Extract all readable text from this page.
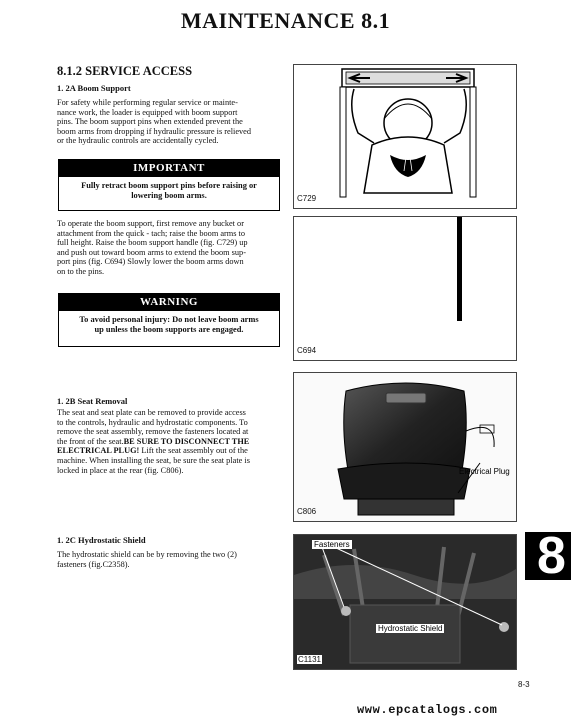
MAINTENANCE 8.1
8.1.2 SERVICE ACCESS
1. 2A Boom Support
For safety while performing regular service or mainte-
nance work, the loader is equipped with boom support
pins. The boom support pins when extended prevent the
boom arms from dropping if hydraulic pressure is relieved
or the hydraulic controls are accidentally cycled.
IMPORTANT
Fully retract boom support pins before raising or
lowering boom arms.
To operate the boom support, first remove any bucket or
attachment from the quick - tach; raise the boom arms to
full height. Raise the boom support handle (fig. C729) up
and push out toward boom arms to extend the boom sup-
port pins (fig. C694) Slowly lower the boom arms down
on to the pins.
WARNING
To avoid personal injury: Do not leave boom arms
up unless the boom supports are engaged.
C729
C694
1. 2B Seat Removal
The seat and seat plate can be removed to provide access
to the controls, hydraulic and hydrostatic components. To
remove the seat assembly, remove the fasteners located at
the front of the seat.BE SURE TO DISCONNECT THE
ELECTRICAL PLUG! Lift the seat assembly out of the
machine. When installing the seat, be sure the seat plate is
locked in place at the rear (fig. C806).	Electrical Plug
C806
1. 2C Hydrostatic Shield
The hydrostatic shield can be by removing the two (2)
fasteners (fig.C2358).
Fasteners
Hydrostatic Shield
C1131
8
8-3
www.epcatalogs.com
